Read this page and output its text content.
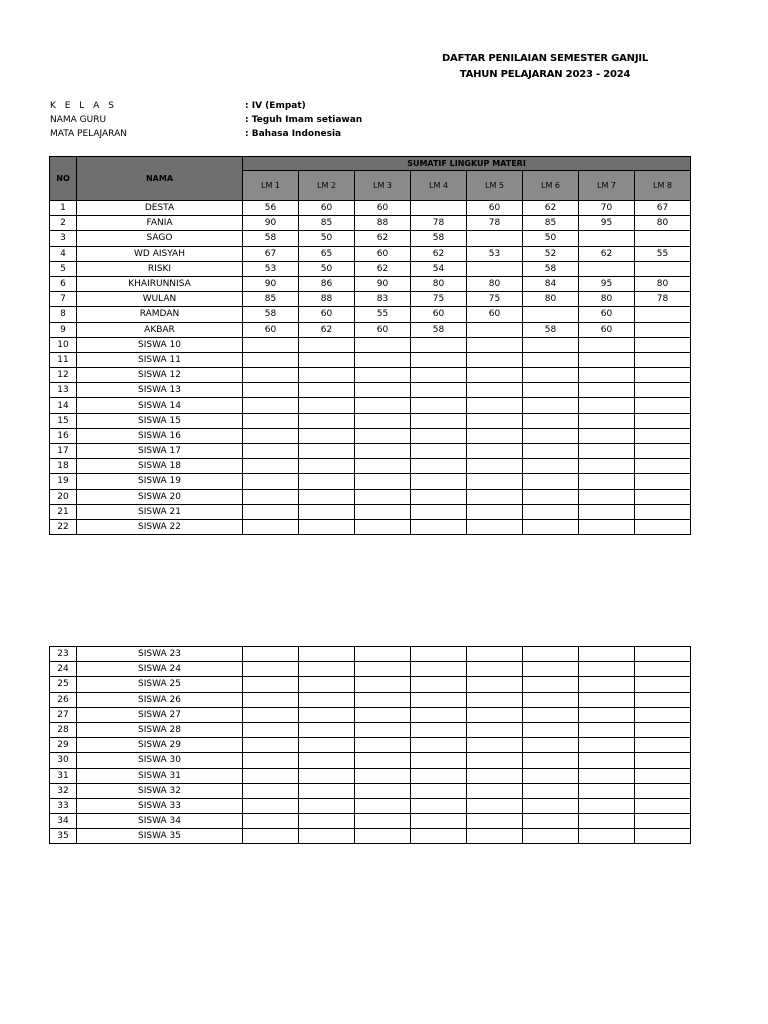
DAFTAR PENILAIAN SEMESTER GANJIL
TAHUN PELAJARAN 2023 - 2024
K E L A S	: IV (Empat)
NAMA GURU	: Teguh Imam setiawan
MATA PELAJARAN	: Bahasa Indonesia
NO	NAMA	SUMATIF LINGKUP MATERI							
		LM 1	LM 2	LM 3	LM 4	LM 5	LM 6	LM 7	LM 8
1	DESTA	56	60	60		60	62	70	67
2	FANIA	90	85	88	78	78	85	95	80
3	SAGO	58	50	62	58		50		
4	WD AISYAH	67	65	60	62	53	52	62	55
5	RISKI	53	50	62	54		58		
6	KHAIRUNNISA	90	86	90	80	80	84	95	80
7	WULAN	85	88	83	75	75	80	80	78
8	RAMDAN	58	60	55	60	60		60	
9	AKBAR	60	62	60	58		58	60	
10	SISWA 10								
11	SISWA 11								
12	SISWA 12								
13	SISWA 13								
14	SISWA 14								
15	SISWA 15								
16	SISWA 16								
17	SISWA 17								
18	SISWA 18								
19	SISWA 19								
20	SISWA 20								
21	SISWA 21								
22	SISWA 22								
23	SISWA 23								
24	SISWA 24								
25	SISWA 25								
26	SISWA 26								
27	SISWA 27								
28	SISWA 28								
29	SISWA 29								
30	SISWA 30								
31	SISWA 31								
32	SISWA 32								
33	SISWA 33								
34	SISWA 34								
35	SISWA 35								
